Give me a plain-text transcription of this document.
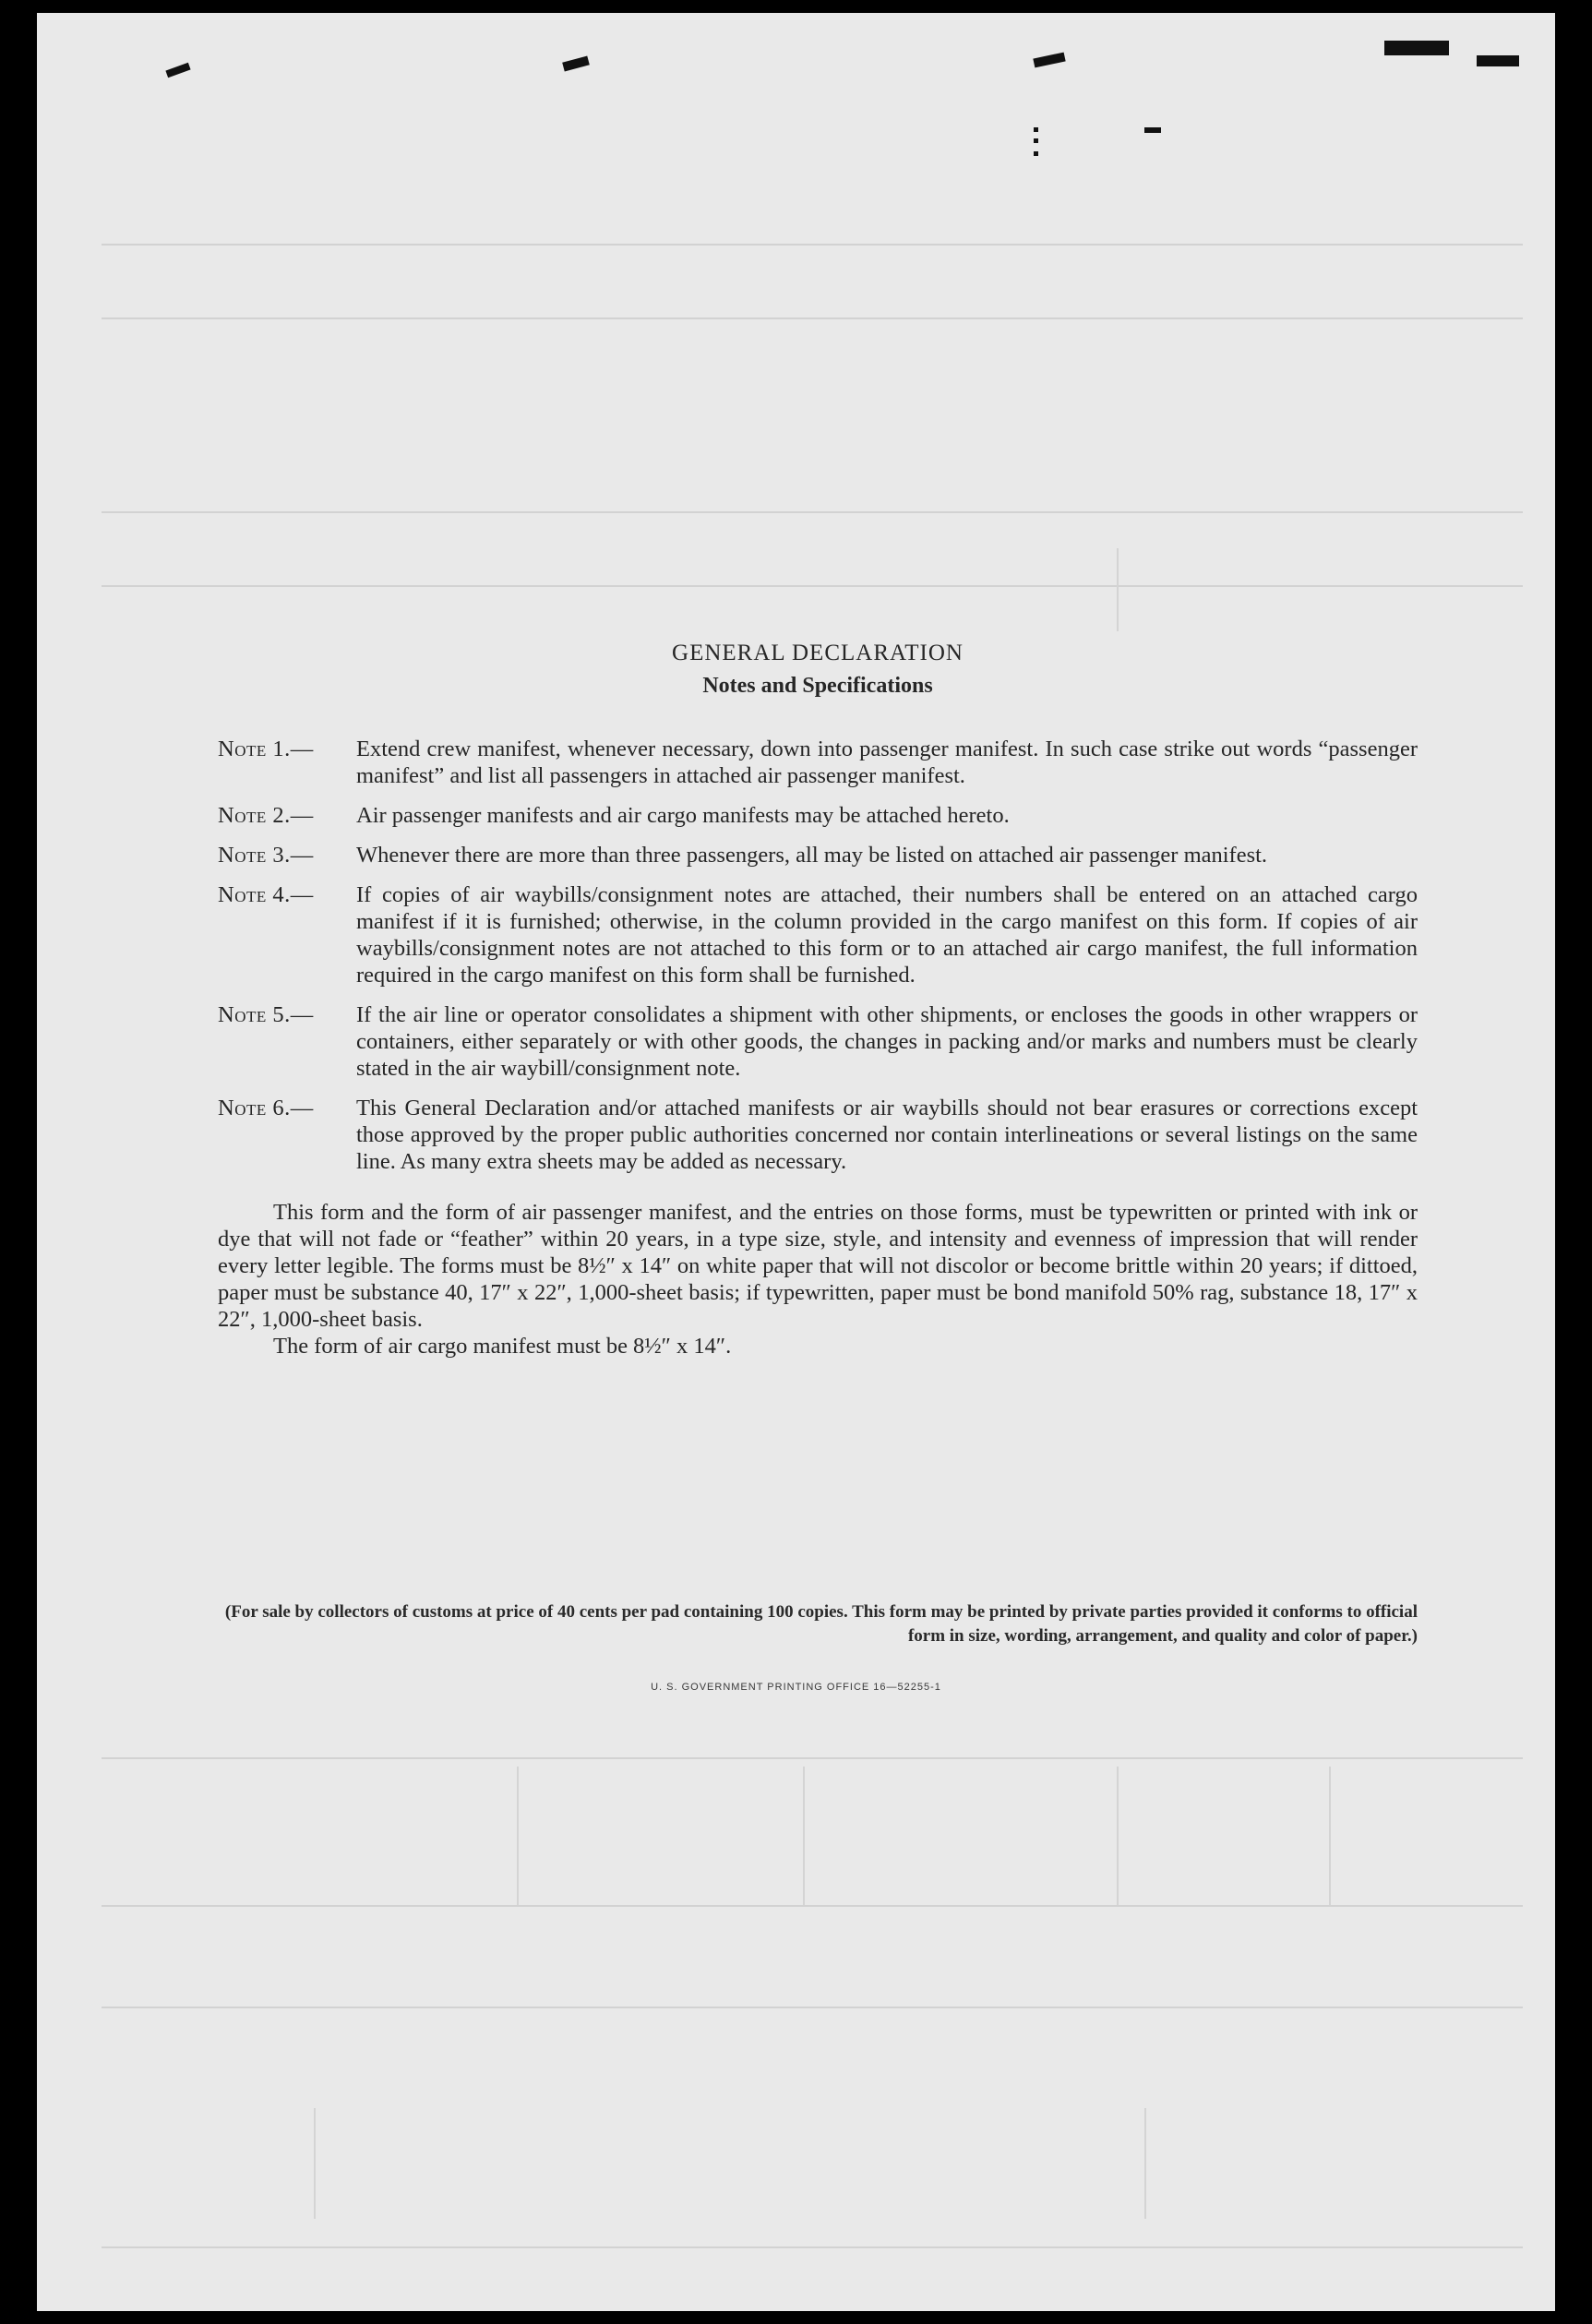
GENERAL DECLARATION
Notes and Specifications
Note 1.— Extend crew manifest, whenever necessary, down into passenger manifest. In such case strike out words “passenger manifest” and list all passengers in attached air passenger manifest.
Note 2.— Air passenger manifests and air cargo manifests may be attached hereto.
Note 3.— Whenever there are more than three passengers, all may be listed on attached air passenger manifest.
Note 4.— If copies of air waybills/consignment notes are attached, their numbers shall be entered on an attached cargo manifest if it is furnished; otherwise, in the column provided in the cargo manifest on this form. If copies of air waybills/consignment notes are not attached to this form or to an attached air cargo manifest, the full information required in the cargo manifest on this form shall be furnished.
Note 5.— If the air line or operator consolidates a shipment with other shipments, or encloses the goods in other wrappers or containers, either separately or with other goods, the changes in packing and/or marks and numbers must be clearly stated in the air waybill/consignment note.
Note 6.— This General Declaration and/or attached manifests or air waybills should not bear erasures or corrections except those approved by the proper public authorities concerned nor contain interlineations or several listings on the same line. As many extra sheets may be added as necessary.

This form and the form of air passenger manifest, and the entries on those forms, must be typewritten or printed with ink or dye that will not fade or “feather” within 20 years, in a type size, style, and intensity and evenness of impression that will render every letter legible. The forms must be 8½″ x 14″ on white paper that will not discolor or become brittle within 20 years; if dittoed, paper must be substance 40, 17″ x 22″, 1,000-sheet basis; if typewritten, paper must be bond manifold 50% rag, substance 18, 17″ x 22″, 1,000-sheet basis.

The form of air cargo manifest must be 8½″ x 14″.

(For sale by collectors of customs at price of 40 cents per pad containing 100 copies. This form may be printed by private parties provided it conforms to official form in size, wording, arrangement, and quality and color of paper.)
U. S. GOVERNMENT PRINTING OFFICE 16—52255-1
